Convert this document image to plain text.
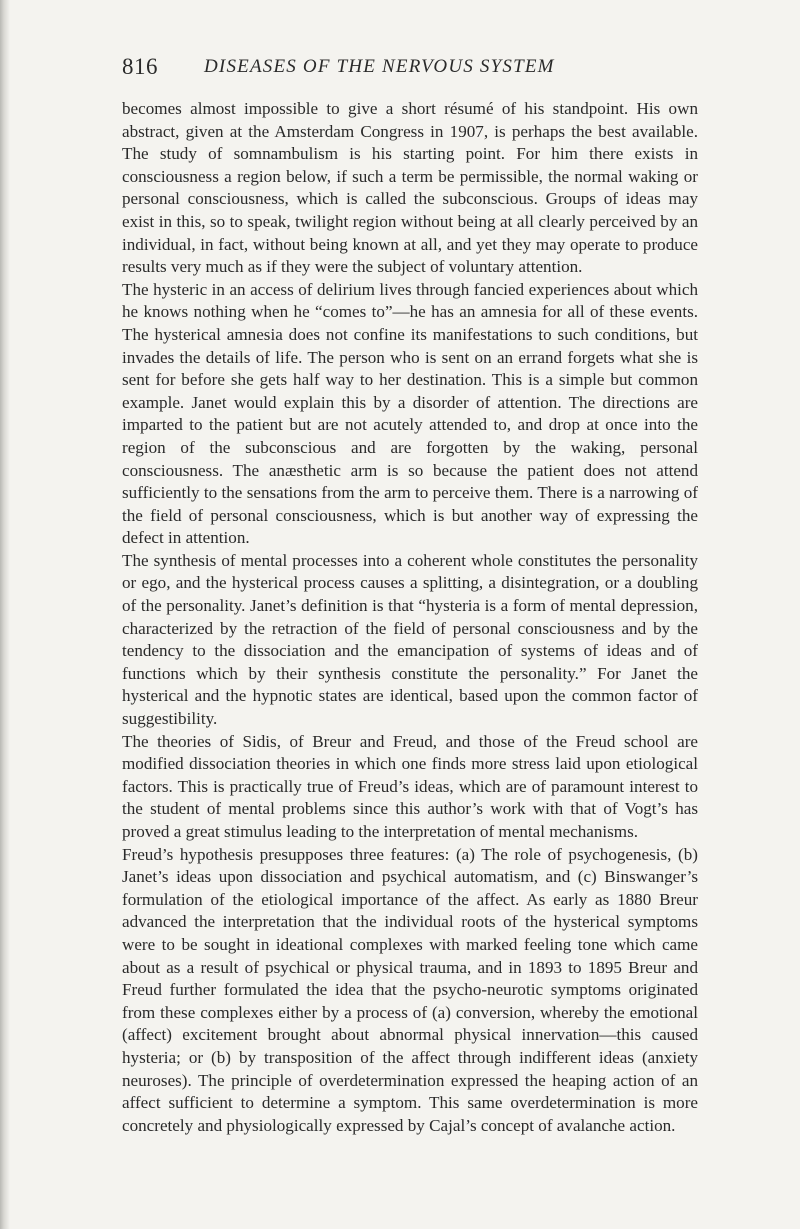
816 DISEASES OF THE NERVOUS SYSTEM

becomes almost impossible to give a short résumé of his standpoint. His own abstract, given at the Amsterdam Congress in 1907, is perhaps the best available. The study of somnambulism is his starting point. For him there exists in consciousness a region below, if such a term be permissible, the normal waking or personal consciousness, which is called the subconscious. Groups of ideas may exist in this, so to speak, twilight region without being at all clearly perceived by an individual, in fact, without being known at all, and yet they may operate to produce results very much as if they were the subject of voluntary attention.

The hysteric in an access of delirium lives through fancied experiences about which he knows nothing when he “comes to”—he has an amnesia for all of these events. The hysterical amnesia does not confine its manifestations to such conditions, but invades the details of life. The person who is sent on an errand forgets what she is sent for before she gets half way to her destination. This is a simple but common example. Janet would explain this by a disorder of attention. The directions are imparted to the patient but are not acutely attended to, and drop at once into the region of the subconscious and are forgotten by the waking, personal consciousness. The anæsthetic arm is so because the patient does not attend sufficiently to the sensations from the arm to perceive them. There is a narrowing of the field of personal consciousness, which is but another way of expressing the defect in attention.

The synthesis of mental processes into a coherent whole constitutes the personality or ego, and the hysterical process causes a splitting, a disintegration, or a doubling of the personality. Janet’s definition is that “hysteria is a form of mental depression, characterized by the retraction of the field of personal consciousness and by the tendency to the dissociation and the emancipation of systems of ideas and of functions which by their synthesis constitute the personality.” For Janet the hysterical and the hypnotic states are identical, based upon the common factor of suggestibility.

The theories of Sidis, of Breur and Freud, and those of the Freud school are modified dissociation theories in which one finds more stress laid upon etiological factors. This is practically true of Freud’s ideas, which are of paramount interest to the student of mental problems since this author’s work with that of Vogt’s has proved a great stimulus leading to the interpretation of mental mechanisms.

Freud’s hypothesis presupposes three features: (a) The role of psychogenesis, (b) Janet’s ideas upon dissociation and psychical automatism, and (c) Binswanger’s formulation of the etiological importance of the affect. As early as 1880 Breur advanced the interpretation that the individual roots of the hysterical symptoms were to be sought in ideational complexes with marked feeling tone which came about as a result of psychical or physical trauma, and in 1893 to 1895 Breur and Freud further formulated the idea that the psycho-neurotic symptoms originated from these complexes either by a process of (a) conversion, whereby the emotional (affect) excitement brought about abnormal physical innervation—this caused hysteria; or (b) by transposition of the affect through indifferent ideas (anxiety neuroses). The principle of overdetermination expressed the heaping action of an affect sufficient to determine a symptom. This same overdetermination is more concretely and physiologically expressed by Cajal’s concept of avalanche action.
